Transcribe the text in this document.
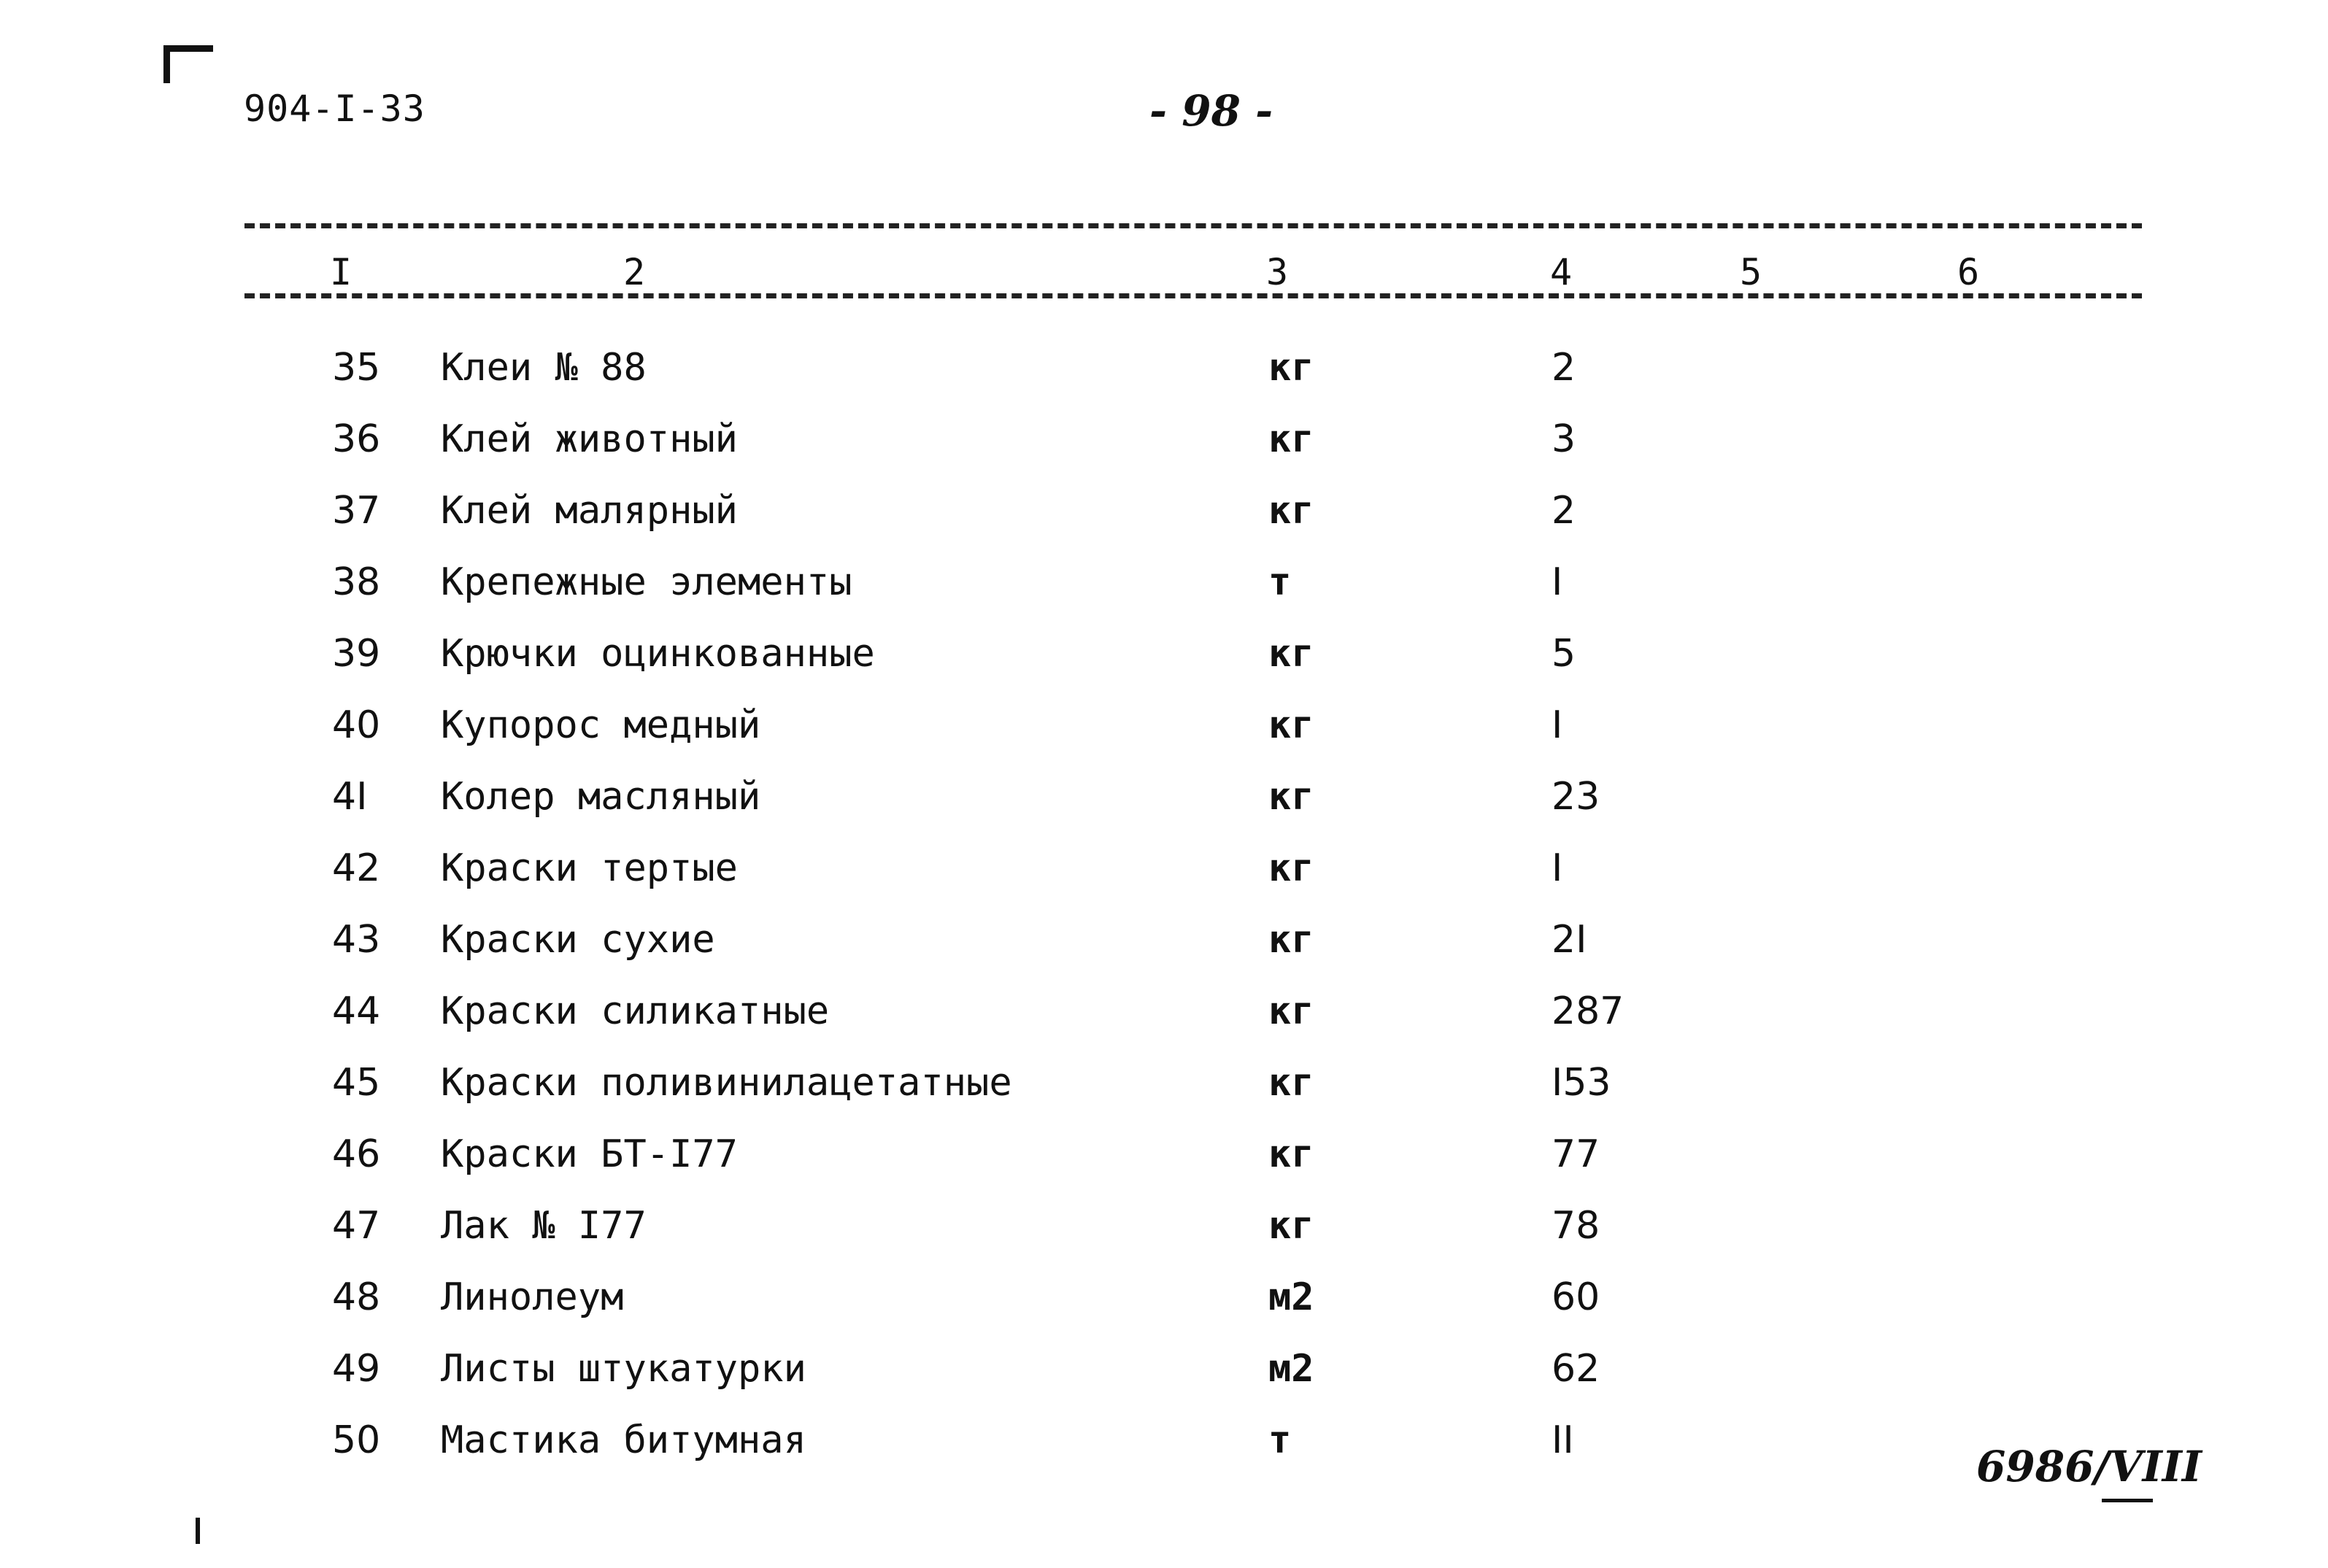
904-I-33	- 98 -
I	2	3	4	5	6
35 Клеи № 88	кг	2
36 Клей животный	кг	3
37 Клей малярный	кг	2
38 Крепежные элементы	т	I
39 Крючки оцинкованные	кг	5
40 Купорос медный	кг	I
4I Колер масляный	кг	23
42 Краски тертые	кг	I
43 Краски сухие	кг	2I
44 Краски силикатные	кг	287
45 Краски поливинилацетатные	кг	I53
46 Краски БТ-I77	кг	77
47 Лак № I77	кг	78
48 Линолеум	м2	60
49 Листы штукатурки	м2	62
50 Мастика битумная	т	II
6986/VIII
